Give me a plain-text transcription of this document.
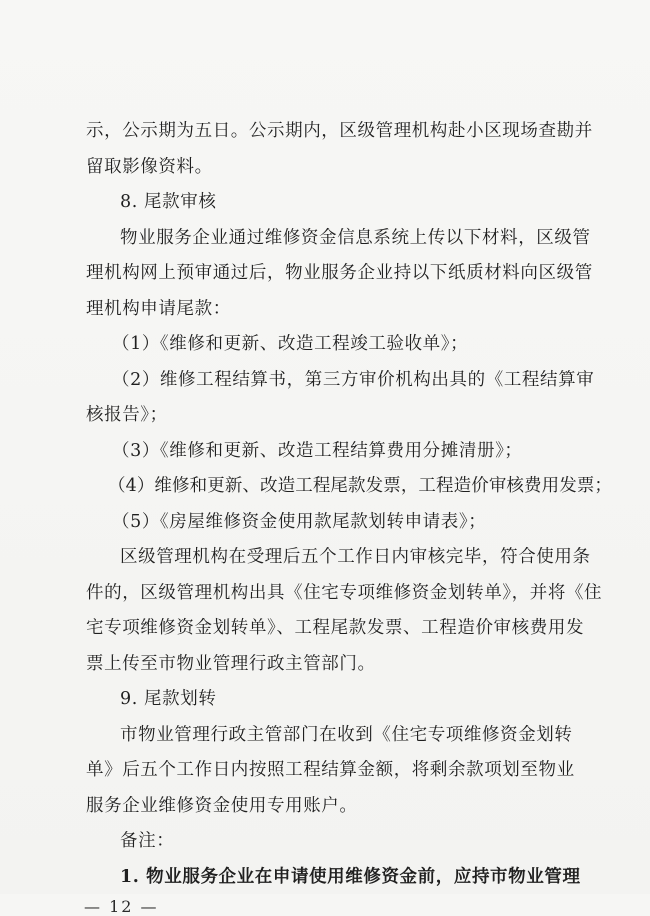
示，公示期为五日。公示期内，区级管理机构赴小区现场查勘并
留取影像资料。
8. 尾款审核
物业服务企业通过维修资金信息系统上传以下材料，区级管
理机构网上预审通过后，物业服务企业持以下纸质材料向区级管
理机构申请尾款：
（1）《维修和更新、改造工程竣工验收单》；
（2）维修工程结算书，第三方审价机构出具的《工程结算审
核报告》；
（3）《维修和更新、改造工程结算费用分摊清册》；
（4）维修和更新、改造工程尾款发票，工程造价审核费用发票；
（5）《房屋维修资金使用款尾款划转申请表》；
区级管理机构在受理后五个工作日内审核完毕，符合使用条
件的，区级管理机构出具《住宅专项维修资金划转单》，并将《住
宅专项维修资金划转单》、工程尾款发票、工程造价审核费用发
票上传至市物业管理行政主管部门。
9. 尾款划转
市物业管理行政主管部门在收到《住宅专项维修资金划转
单》后五个工作日内按照工程结算金额，将剩余款项划至物业
服务企业维修资金使用专用账户。
— 12 —
备注：
1. 物业服务企业在申请使用维修资金前，应持市物业管理
